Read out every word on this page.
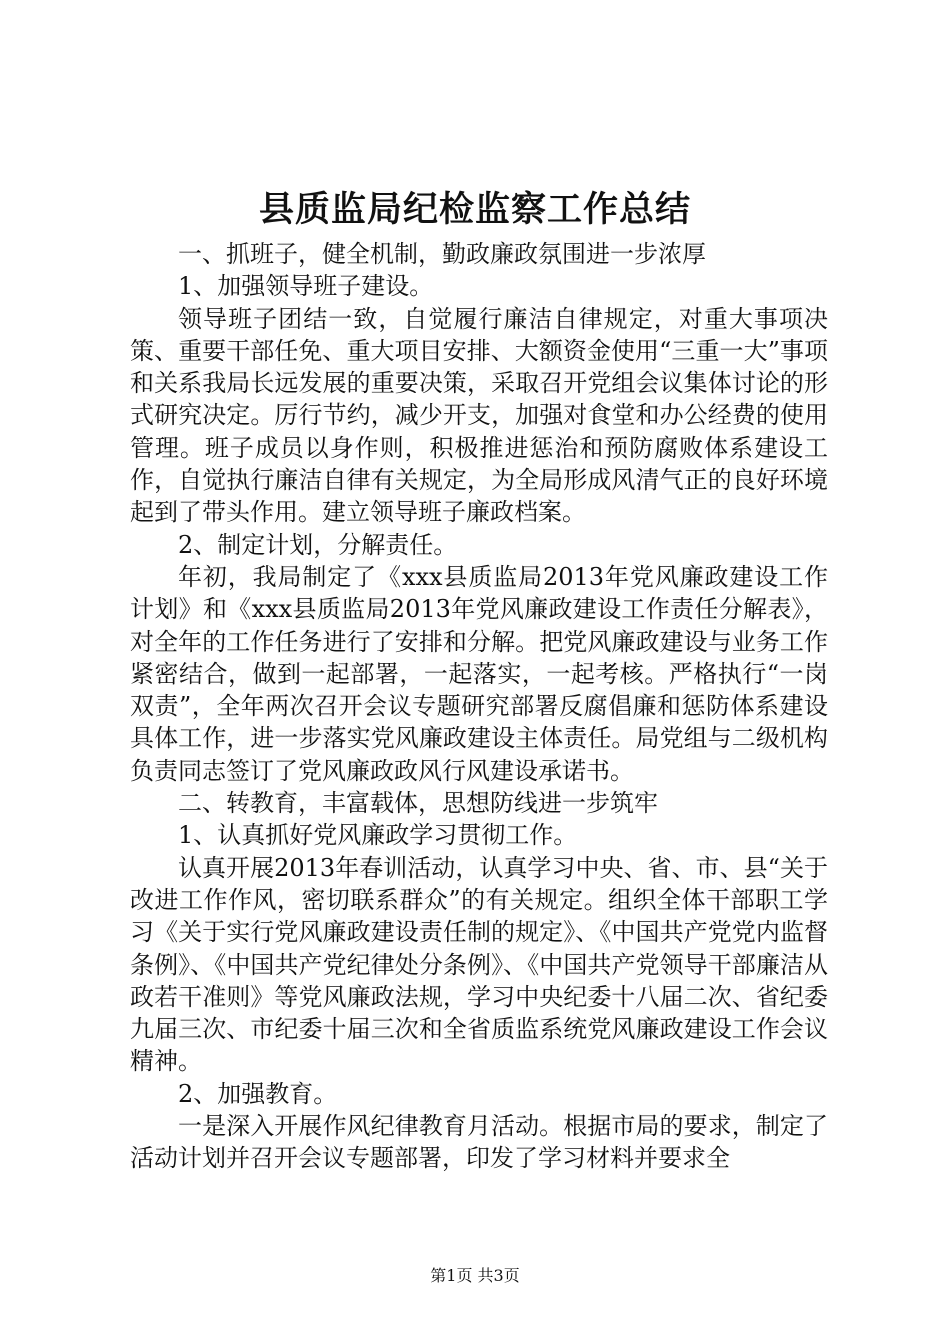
县质监局纪检监察工作总结

一、抓班子，健全机制，勤政廉政氛围进一步浓厚

1、加强领导班子建设。

领导班子团结一致，自觉履行廉洁自律规定，对重大事项决策、重要干部任免、重大项目安排、大额资金使用“三重一大”事项和关系我局长远发展的重要决策，采取召开党组会议集体讨论的形式研究决定。厉行节约，减少开支，加强对食堂和办公经费的使用管理。班子成员以身作则，积极推进惩治和预防腐败体系建设工作，自觉执行廉洁自律有关规定，为全局形成风清气正的良好环境起到了带头作用。建立领导班子廉政档案。

2、制定计划，分解责任。

年初，我局制定了《xxx县质监局2013年党风廉政建设工作计划》和《xxx县质监局2013年党风廉政建设工作责任分解表》，对全年的工作任务进行了安排和分解。把党风廉政建设与业务工作紧密结合，做到一起部署，一起落实，一起考核。严格执行“一岗双责”，全年两次召开会议专题研究部署反腐倡廉和惩防体系建设具体工作，进一步落实党风廉政建设主体责任。局党组与二级机构负责同志签订了党风廉政政风行风建设承诺书。

二、转教育，丰富载体，思想防线进一步筑牢

1、认真抓好党风廉政学习贯彻工作。

认真开展2013年春训活动，认真学习中央、省、市、县“关于改进工作作风，密切联系群众”的有关规定。组织全体干部职工学习《关于实行党风廉政建设责任制的规定》、《中国共产党党内监督条例》、《中国共产党纪律处分条例》、《中国共产党领导干部廉洁从政若干准则》等党风廉政法规，学习中央纪委十八届二次、省纪委九届三次、市纪委十届三次和全省质监系统党风廉政建设工作会议精神。

2、加强教育。

一是深入开展作风纪律教育月活动。根据市局的要求，制定了活动计划并召开会议专题部署，印发了学习材料并要求全

第1页 共3页
